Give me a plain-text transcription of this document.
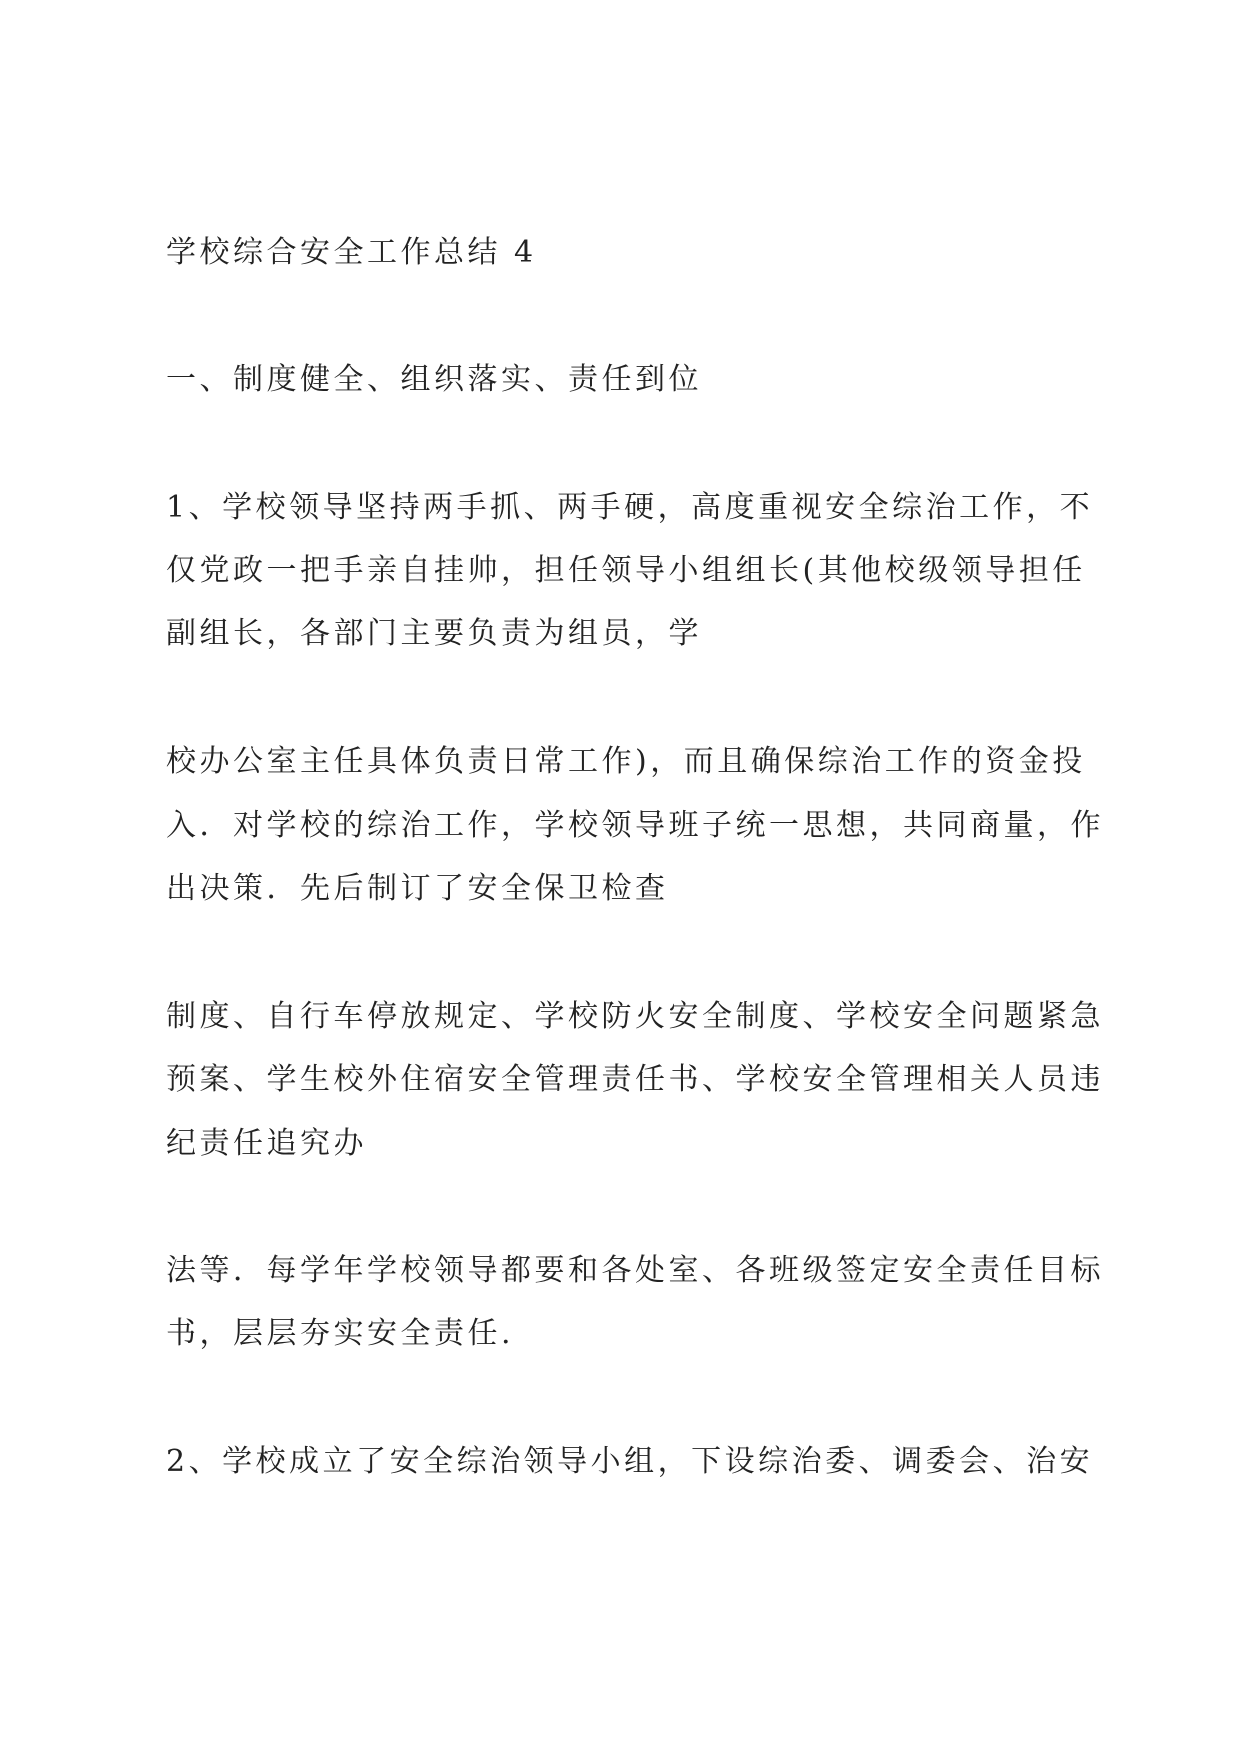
学校综合安全工作总结 4
一、制度健全、组织落实、责任到位
1、学校领导坚持两手抓、两手硬，高度重视安全综治工作，不
仅党政一把手亲自挂帅，担任领导小组组长(其他校级领导担任
副组长，各部门主要负责为组员，学
校办公室主任具体负责日常工作)，而且确保综治工作的资金投
入．对学校的综治工作，学校领导班子统一思想，共同商量，作
出决策．先后制订了安全保卫检查
制度、自行车停放规定、学校防火安全制度、学校安全问题紧急
预案、学生校外住宿安全管理责任书、学校安全管理相关人员违
纪责任追究办
法等．每学年学校领导都要和各处室、各班级签定安全责任目标
书，层层夯实安全责任.
2、学校成立了安全综治领导小组，下设综治委、调委会、治安
